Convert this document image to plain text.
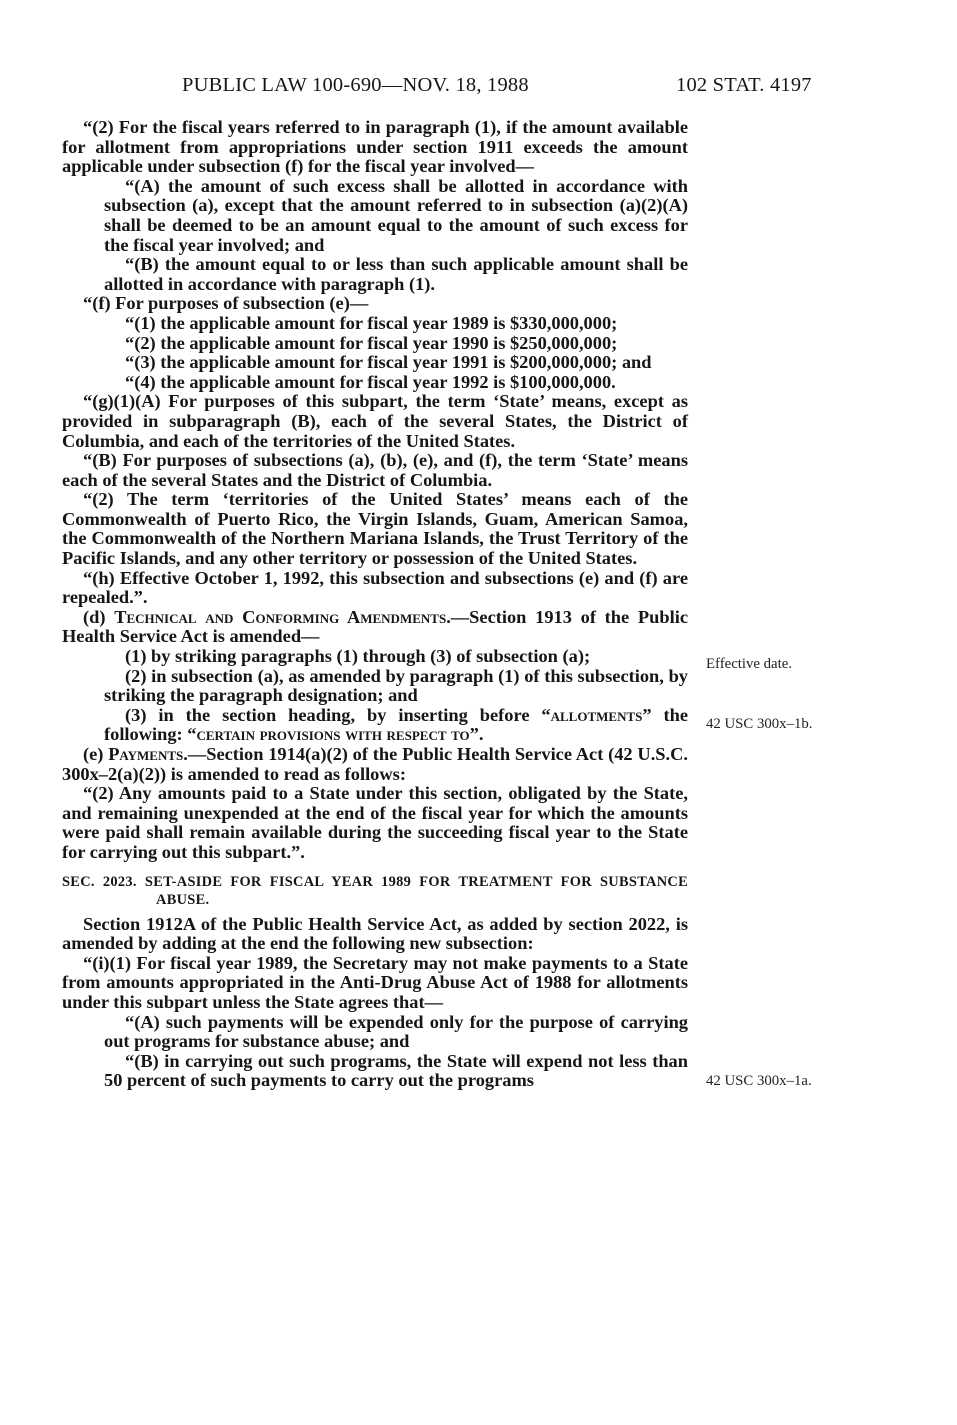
PUBLIC LAW 100-690—NOV. 18, 1988	102 STAT. 4197

“(2) For the fiscal years referred to in paragraph (1), if the amount available for allotment from appropriations under section 1911 exceeds the amount applicable under subsection (f) for the fiscal year involved—

“(A) the amount of such excess shall be allotted in accordance with subsection (a), except that the amount referred to in subsection (a)(2)(A) shall be deemed to be an amount equal to the amount of such excess for the fiscal year involved; and

“(B) the amount equal to or less than such applicable amount shall be allotted in accordance with paragraph (1).

“(f) For purposes of subsection (e)—

“(1) the applicable amount for fiscal year 1989 is $330,000,000;

“(2) the applicable amount for fiscal year 1990 is $250,000,000;

“(3) the applicable amount for fiscal year 1991 is $200,000,000; and

“(4) the applicable amount for fiscal year 1992 is $100,000,000.

“(g)(1)(A) For purposes of this subpart, the term ‘State’ means, except as provided in subparagraph (B), each of the several States, the District of Columbia, and each of the territories of the United States.

“(B) For purposes of subsections (a), (b), (e), and (f), the term ‘State’ means each of the several States and the District of Columbia.

“(2) The term ‘territories of the United States’ means each of the Commonwealth of Puerto Rico, the Virgin Islands, Guam, American Samoa, the Commonwealth of the Northern Mariana Islands, the Trust Territory of the Pacific Islands, and any other territory or possession of the United States.

“(h) Effective October 1, 1992, this subsection and subsections (e) and (f) are repealed.”.

(d) Technical and Conforming Amendments.—Section 1913 of the Public Health Service Act is amended—

(1) by striking paragraphs (1) through (3) of subsection (a);

(2) in subsection (a), as amended by paragraph (1) of this subsection, by striking the paragraph designation; and

(3) in the section heading, by inserting before “allotments” the following: “certain provisions with respect to”.

(e) Payments.—Section 1914(a)(2) of the Public Health Service Act (42 U.S.C. 300x–2(a)(2)) is amended to read as follows:

“(2) Any amounts paid to a State under this section, obligated by the State, and remaining unexpended at the end of the fiscal year for which the amounts were paid shall remain available during the succeeding fiscal year to the State for carrying out this subpart.”.

SEC. 2023. SET-ASIDE FOR FISCAL YEAR 1989 FOR TREATMENT FOR SUBSTANCE ABUSE.

Section 1912A of the Public Health Service Act, as added by section 2022, is amended by adding at the end the following new subsection:

“(i)(1) For fiscal year 1989, the Secretary may not make payments to a State from amounts appropriated in the Anti-Drug Abuse Act of 1988 for allotments under this subpart unless the State agrees that—

“(A) such payments will be expended only for the purpose of carrying out programs for substance abuse; and

“(B) in carrying out such programs, the State will expend not less than 50 percent of such payments to carry out the programs

Effective date.
42 USC 300x–1b.
42 USC 300x–1a.
